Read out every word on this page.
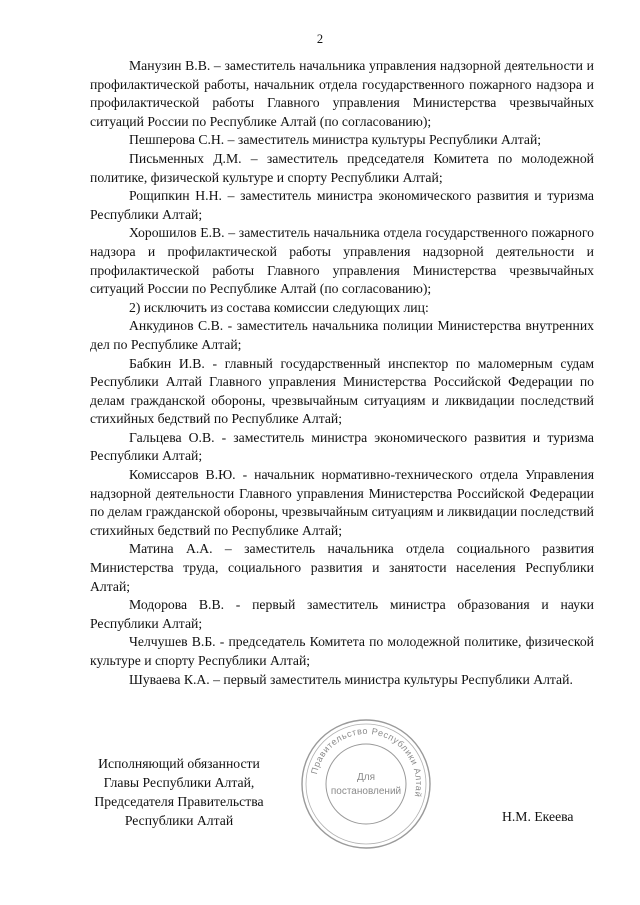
2

Манузин В.В. – заместитель начальника управления надзорной деятельности и профилактической работы, начальник отдела государственного пожарного надзора и профилактической работы Главного управления Министерства чрезвычайных ситуаций России по Республике Алтай (по согласованию);

Пешперова С.Н. – заместитель министра культуры Республики Алтай;

Письменных Д.М. – заместитель председателя Комитета по молодежной политике, физической культуре и спорту Республики Алтай;

Рощипкин Н.Н. – заместитель министра экономического развития и туризма Республики Алтай;

Хорошилов Е.В. – заместитель начальника отдела государственного пожарного надзора и профилактической работы управления надзорной деятельности и профилактической работы Главного управления Министерства чрезвычайных ситуаций России по Республике Алтай (по согласованию);

2) исключить из состава комиссии следующих лиц:

Анкудинов С.В. - заместитель начальника полиции Министерства внутренних дел по Республике Алтай;

Бабкин И.В. - главный государственный инспектор по маломерным судам Республики Алтай Главного управления Министерства Российской Федерации по делам гражданской обороны, чрезвычайным ситуациям и ликвидации последствий стихийных бедствий по Республике Алтай;

Гальцева О.В. - заместитель министра экономического развития и туризма Республики Алтай;

Комиссаров В.Ю. - начальник нормативно-технического отдела Управления надзорной деятельности Главного управления Министерства Российской Федерации по делам гражданской обороны, чрезвычайным ситуациям и ликвидации последствий стихийных бедствий по Республике Алтай;

Матина А.А. – заместитель начальника отдела социального развития Министерства труда, социального развития и занятости населения Республики Алтай;

Модорова В.В. - первый заместитель министра образования и науки Республики Алтай;

Челчушев В.Б. - председатель Комитета по молодежной политике, физической культуре и спорту Республики Алтай;

Шуваева К.А. – первый заместитель министра культуры Республики Алтай.

Исполняющий обязанности
Главы Республики Алтай,
Председателя Правительства
Республики Алтай	Н.М. Екеева
Правительство Республики Алтай
Для
постановлений
